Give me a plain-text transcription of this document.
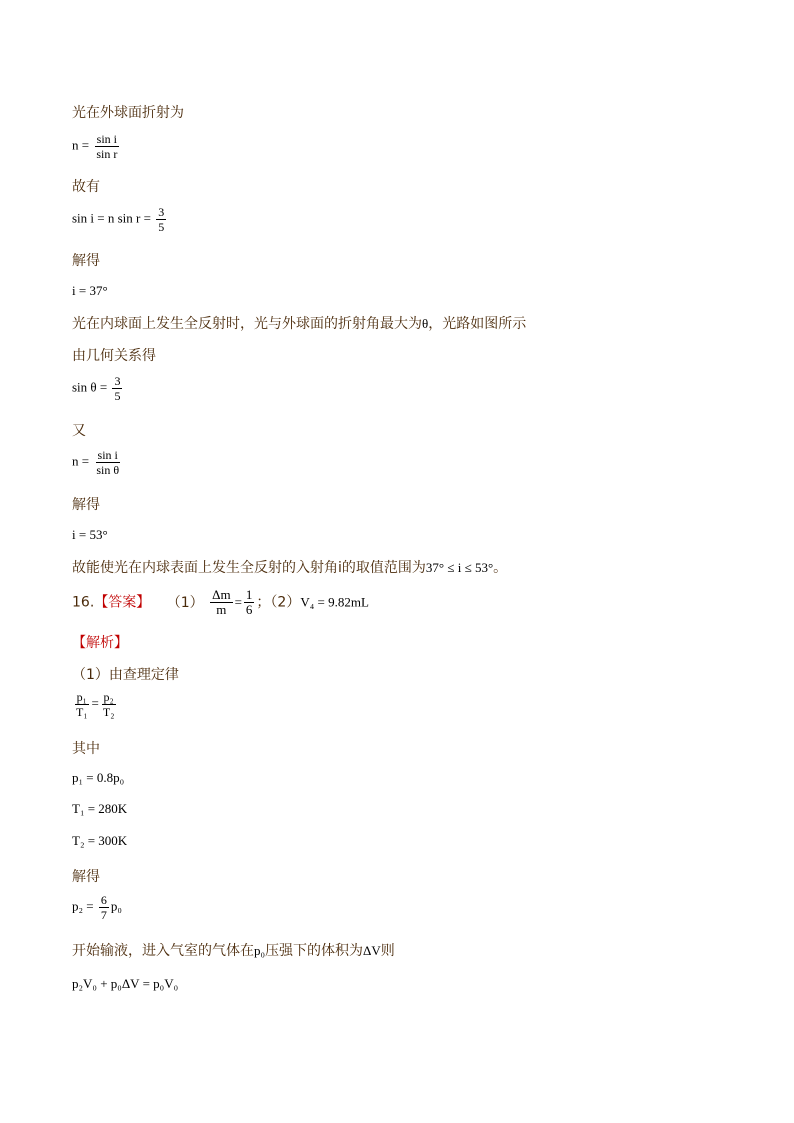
光在外球面折射为
$n = \frac{\text{sin i}}{\text{sin r}}$
故有
sin i = n $\sin r = \frac{3}{5}$
解得
i = 37°
光在内球面上发生全反射时，光与外球面的折射角最大为θ，光路如图所示
由几何关系得
$\sin \theta = \frac{3}{5}$
又
$n = \frac{\text{sin i}}{\text{sin θ}}$
解得
i = 53°
故能使光在内球表面上发生全反射的入射角i的取值范围为37° ≤ i ≤ 53°。
16.【答案】 $(1) \frac{\Delta m}{m} = \frac{1}{6}$ ；（2）V₄ = 9.82mL
【解析】
（1）由查理定律
$\frac{\text{p₁}}{\text{T₁}} = \frac{\text{p₂}}{\text{T₂}}$
其中
p₁ = 0.8p₀
T₁ = 280K
T₂ = 300K
解得
$p_2 = \frac{6}{7} p_0$
开始输液，进入气室的气体在p₀压强下的体积为ΔV则
p₂V₀ + p₀ΔV = p₀V₀
